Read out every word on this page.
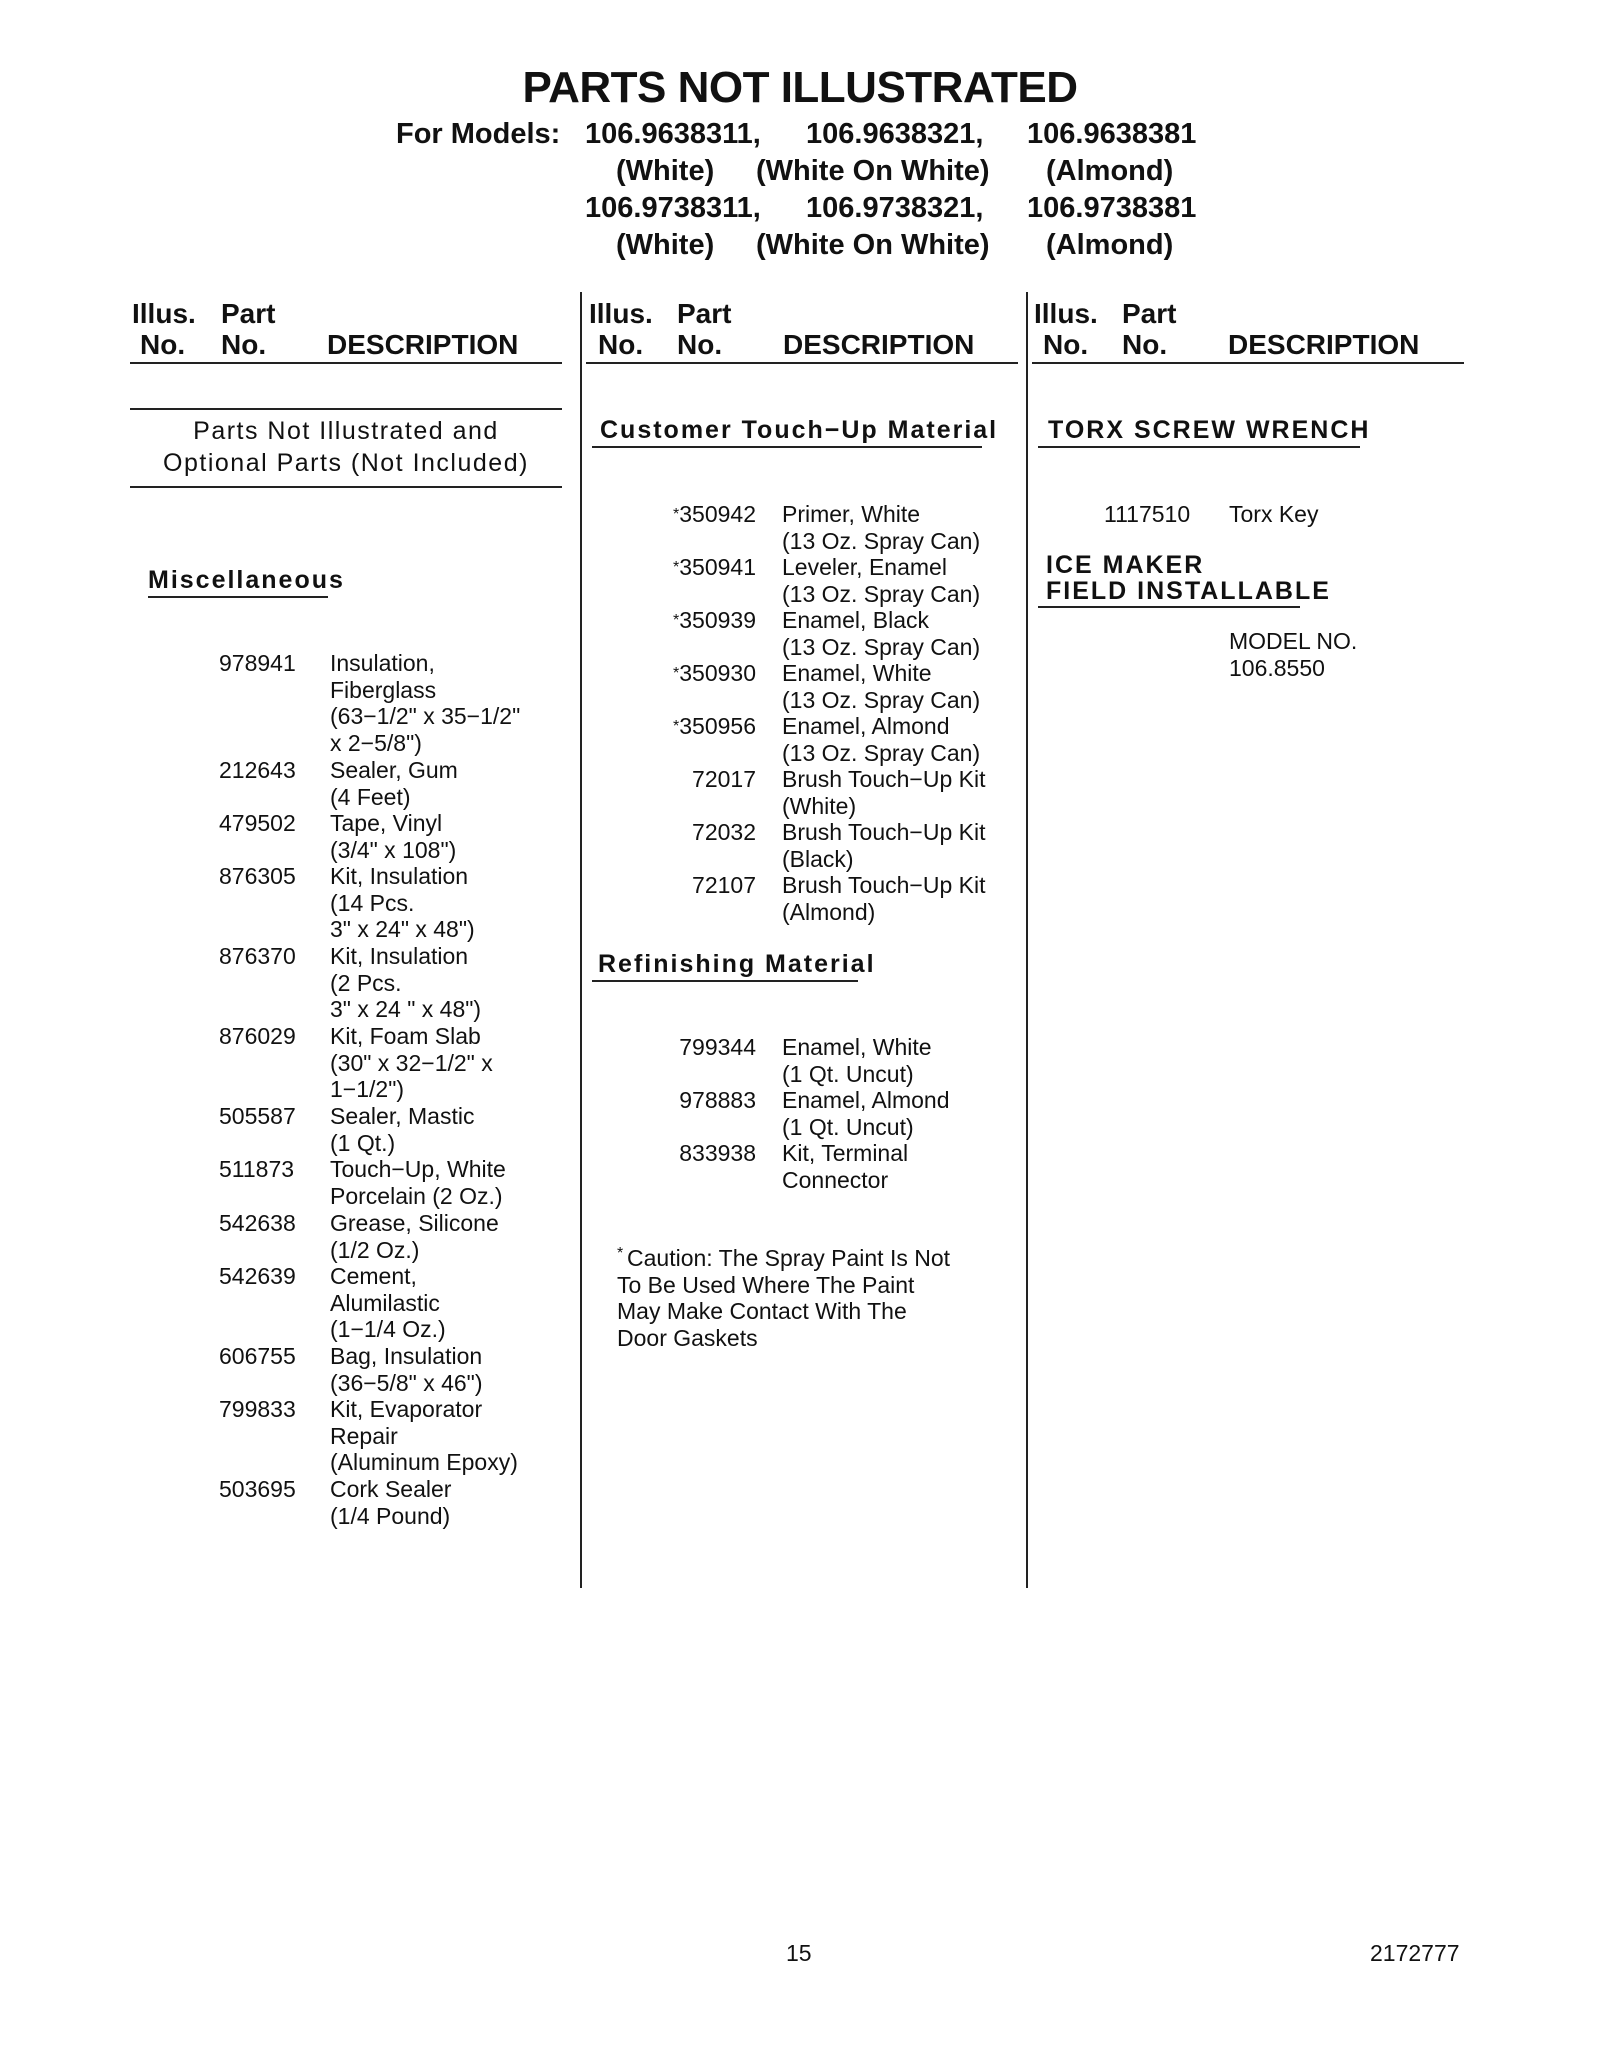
PARTS NOT ILLUSTRATED
For Models: 106.9638311, 106.9638321, 106.9638381
(White) (White On White) (Almond)
106.9738311, 106.9738321, 106.9738381
(White) (White On White) (Almond)
Illus. Part
No. No. DESCRIPTION
Illus. Part
No. No. DESCRIPTION
Illus. Part
No. No. DESCRIPTION
Parts Not Illustrated and
Optional Parts (Not Included)
Miscellaneous
978941 Insulation,
Fiberglass
(63−1/2" x 35−1/2"
x 2−5/8")
212643 Sealer, Gum
(4 Feet)
479502 Tape, Vinyl
(3/4" x 108")
876305 Kit, Insulation
(14 Pcs.
3" x 24" x 48")
876370 Kit, Insulation
(2 Pcs.
3" x 24 " x 48")
876029 Kit, Foam Slab
(30" x 32−1/2" x
1−1/2")
505587 Sealer, Mastic
(1 Qt.)
511873 Touch−Up, White
Porcelain (2 Oz.)
542638 Grease, Silicone
(1/2 Oz.)
542639 Cement,
Alumilastic
(1−1/4 Oz.)
606755 Bag, Insulation
(36−5/8" x 46")
799833 Kit, Evaporator
Repair
(Aluminum Epoxy)
503695 Cork Sealer
(1/4 Pound)
Customer Touch−Up Material
*350942 Primer, White
(13 Oz. Spray Can)
*350941 Leveler, Enamel
(13 Oz. Spray Can)
*350939 Enamel, Black
(13 Oz. Spray Can)
*350930 Enamel, White
(13 Oz. Spray Can)
*350956 Enamel, Almond
(13 Oz. Spray Can)
72017 Brush Touch−Up Kit
(White)
72032 Brush Touch−Up Kit
(Black)
72107 Brush Touch−Up Kit
(Almond)
Refinishing Material
799344 Enamel, White
(1 Qt. Uncut)
978883 Enamel, Almond
(1 Qt. Uncut)
833938 Kit, Terminal
Connector
* Caution: The Spray Paint Is Not
To Be Used Where The Paint
May Make Contact With The
Door Gaskets
TORX SCREW WRENCH
1117510 Torx Key
ICE MAKER
FIELD INSTALLABLE
MODEL NO.
106.8550
15	2172777
